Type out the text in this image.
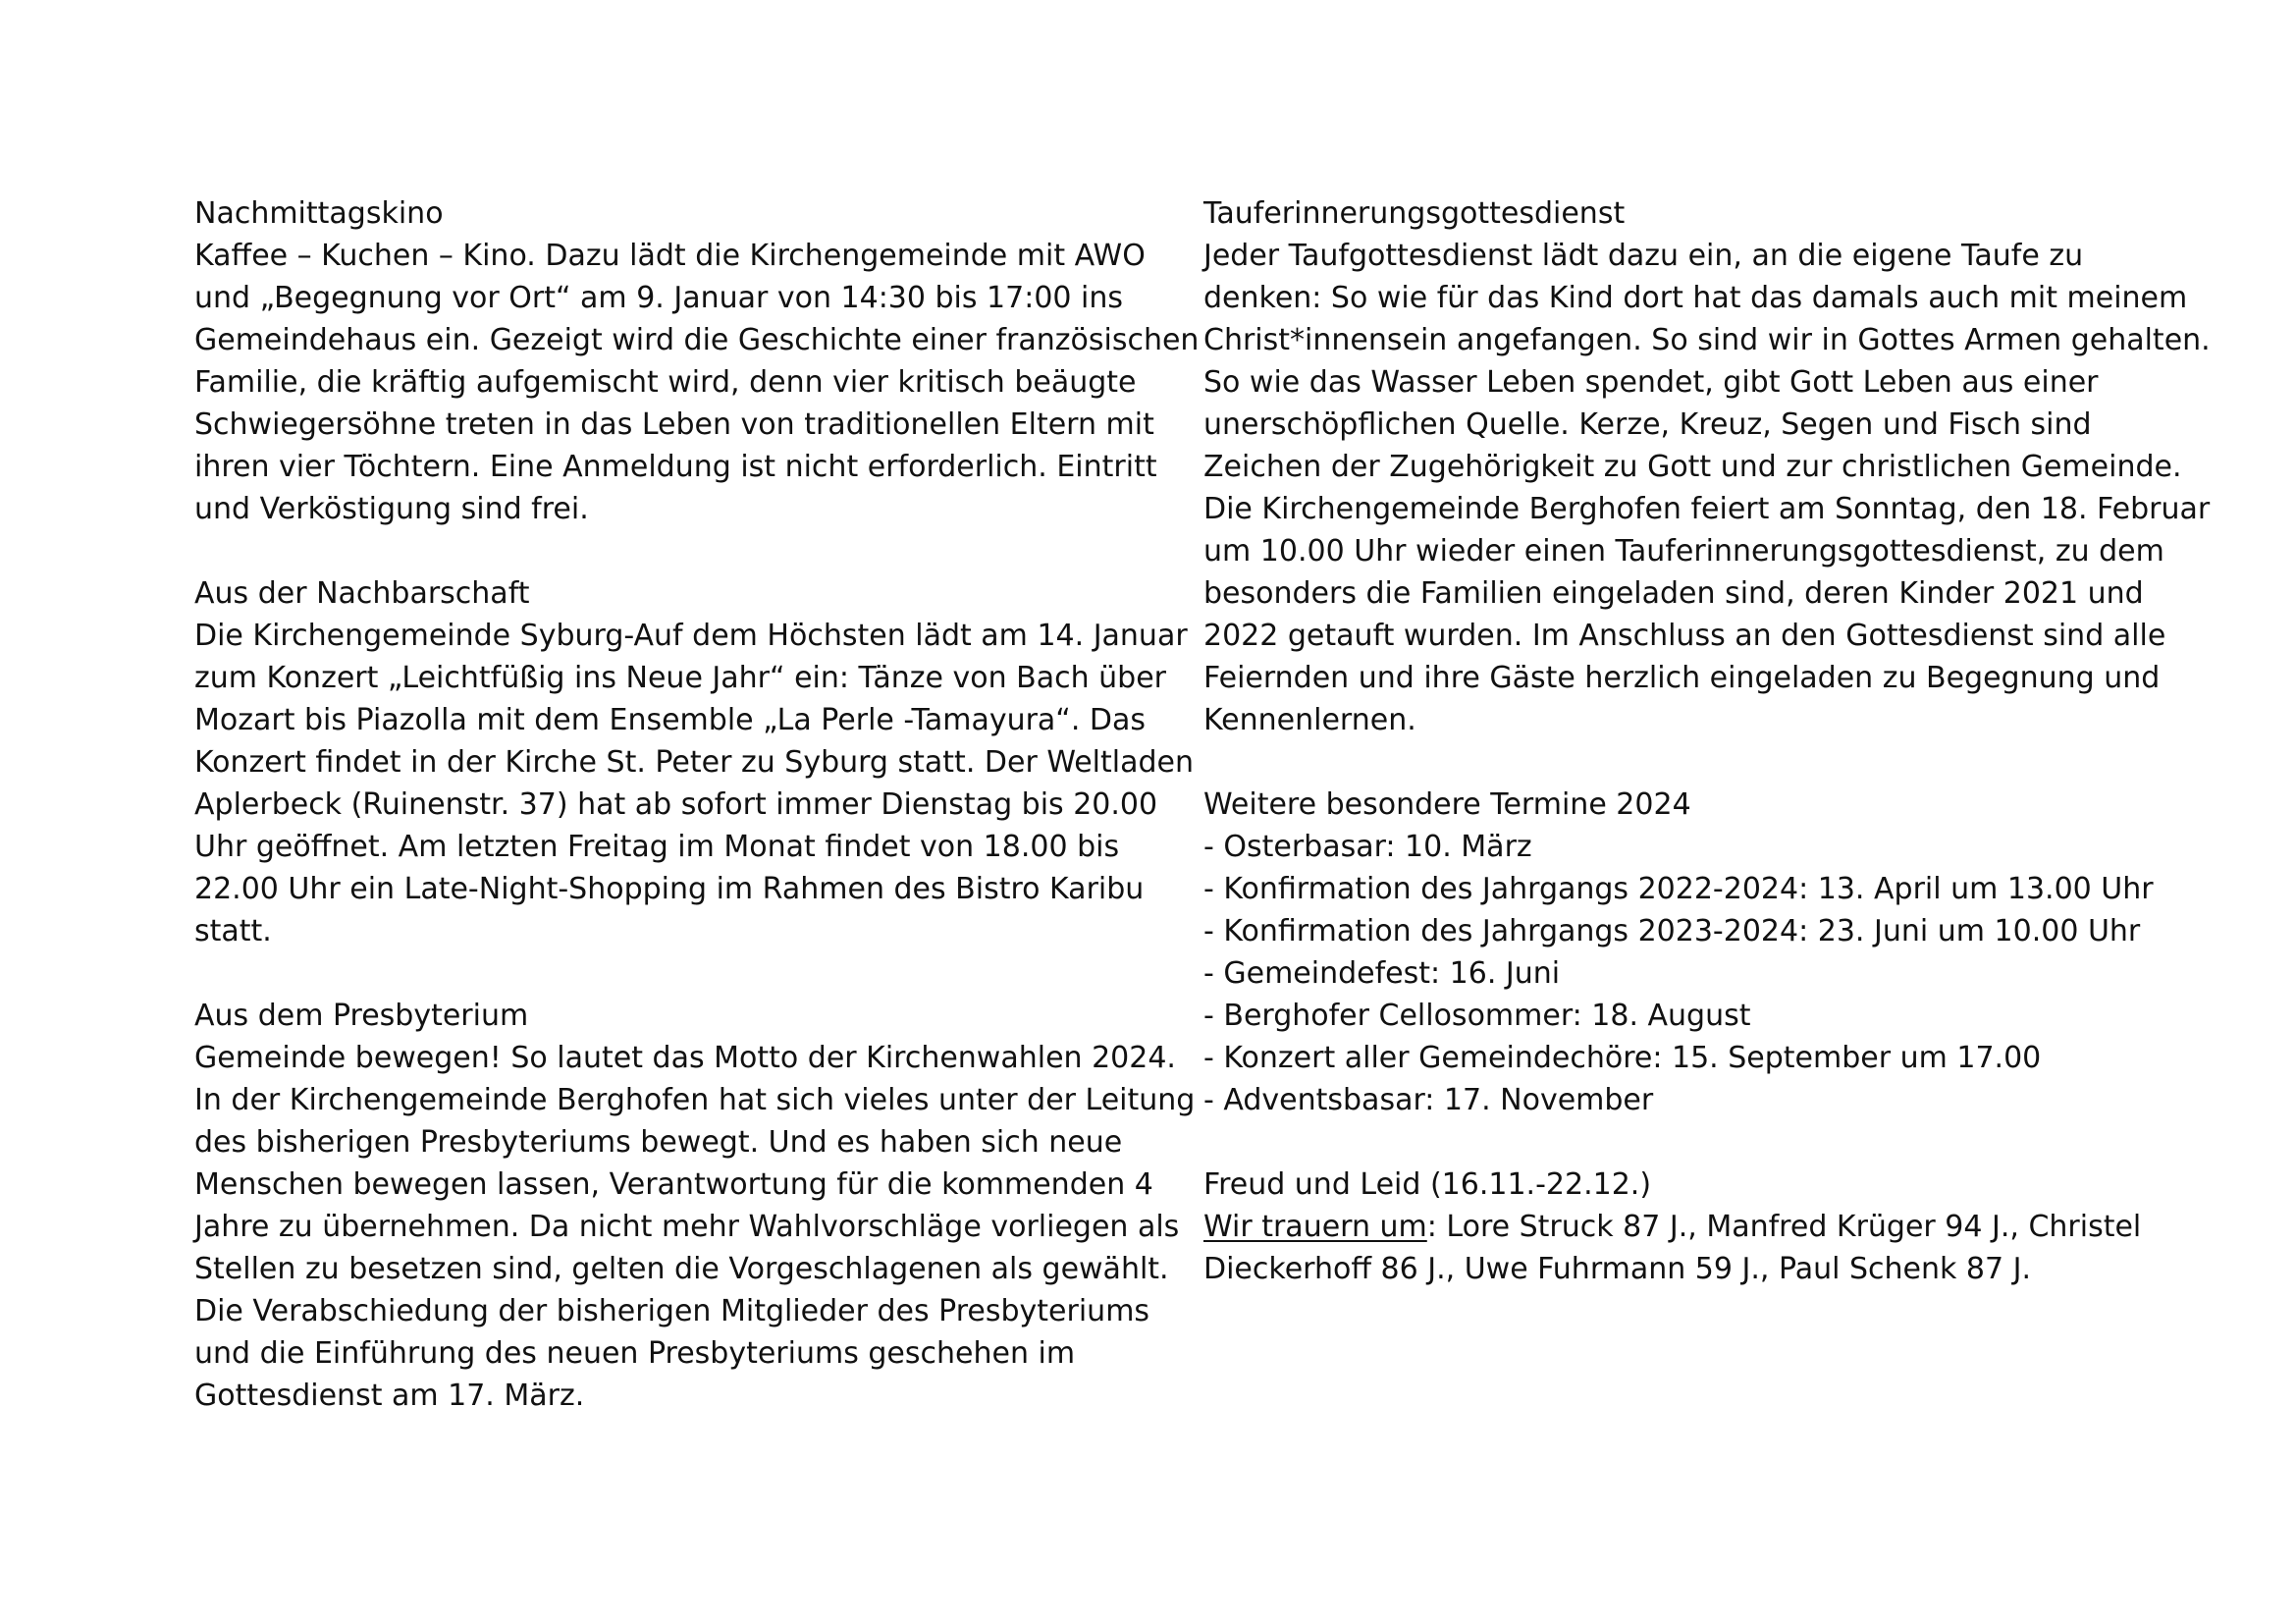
Nachmittagskino
Kaffee – Kuchen – Kino. Dazu lädt die Kirchengemeinde mit AWO
und „Begegnung vor Ort“ am 9. Januar von 14:30 bis 17:00 ins
Gemeindehaus ein. Gezeigt wird die Geschichte einer französischen
Familie, die kräftig aufgemischt wird, denn vier kritisch beäugte
Schwiegersöhne treten in das Leben von traditionellen Eltern mit
ihren vier Töchtern. Eine Anmeldung ist nicht erforderlich. Eintritt
und Verköstigung sind frei.
Aus der Nachbarschaft
Die Kirchengemeinde Syburg-Auf dem Höchsten lädt am 14. Januar
zum Konzert „Leichtfüßig ins Neue Jahr“ ein: Tänze von Bach über
Mozart bis Piazolla mit dem Ensemble „La Perle -Tamayura“. Das
Konzert findet in der Kirche St. Peter zu Syburg statt. Der Weltladen
Aplerbeck (Ruinenstr. 37) hat ab sofort immer Dienstag bis 20.00
Uhr geöffnet. Am letzten Freitag im Monat findet von 18.00 bis
22.00 Uhr ein Late-Night-Shopping im Rahmen des Bistro Karibu
statt.
Aus dem Presbyterium
Gemeinde bewegen! So lautet das Motto der Kirchenwahlen 2024.
In der Kirchengemeinde Berghofen hat sich vieles unter der Leitung
des bisherigen Presbyteriums bewegt. Und es haben sich neue
Menschen bewegen lassen, Verantwortung für die kommenden 4
Jahre zu übernehmen. Da nicht mehr Wahlvorschläge vorliegen als
Stellen zu besetzen sind, gelten die Vorgeschlagenen als gewählt.
Die Verabschiedung der bisherigen Mitglieder des Presbyteriums
und die Einführung des neuen Presbyteriums geschehen im
Gottesdienst am 17. März.
Tauferinnerungsgottesdienst
Jeder Taufgottesdienst lädt dazu ein, an die eigene Taufe zu
denken: So wie für das Kind dort hat das damals auch mit meinem
Christ*innensein angefangen. So sind wir in Gottes Armen gehalten.
So wie das Wasser Leben spendet, gibt Gott Leben aus einer
unerschöpflichen Quelle. Kerze, Kreuz, Segen und Fisch sind
Zeichen der Zugehörigkeit zu Gott und zur christlichen Gemeinde.
Die Kirchengemeinde Berghofen feiert am Sonntag, den 18. Februar
um 10.00 Uhr wieder einen Tauferinnerungsgottesdienst, zu dem
besonders die Familien eingeladen sind, deren Kinder 2021 und
2022 getauft wurden. Im Anschluss an den Gottesdienst sind alle
Feiernden und ihre Gäste herzlich eingeladen zu Begegnung und
Kennenlernen.
Weitere besondere Termine 2024
- Osterbasar: 10. März
- Konfirmation des Jahrgangs 2022-2024: 13. April um 13.00 Uhr
- Konfirmation des Jahrgangs 2023-2024: 23. Juni um 10.00 Uhr
- Gemeindefest: 16. Juni
- Berghofer Cellosommer: 18. August
- Konzert aller Gemeindechöre: 15. September um 17.00
- Adventsbasar: 17. November
Freud und Leid (16.11.-22.12.)
Wir trauern um: Lore Struck 87 J., Manfred Krüger 94 J., Christel
Dieckerhoff 86 J., Uwe Fuhrmann 59 J., Paul Schenk 87 J.
